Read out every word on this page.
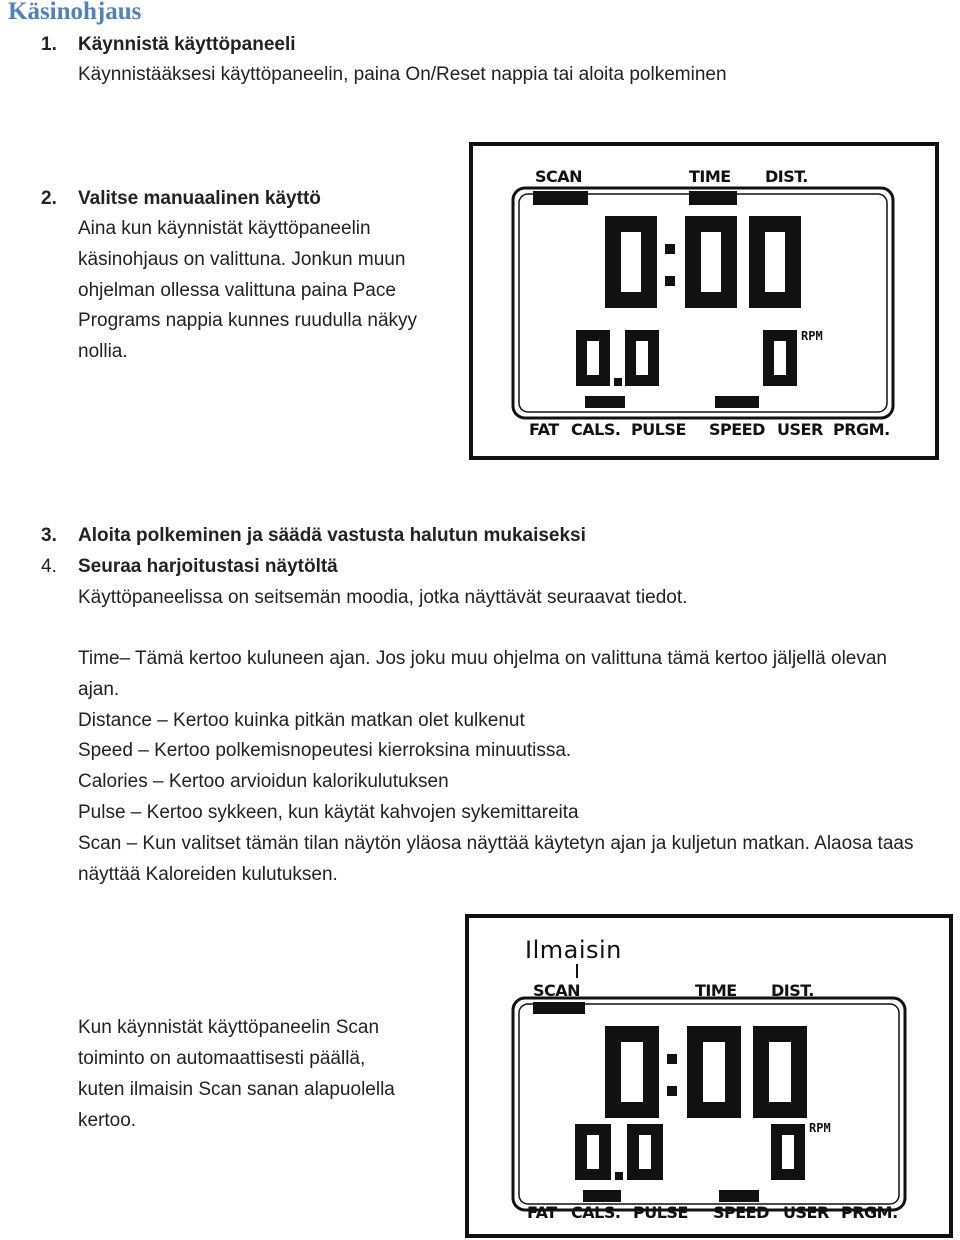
Käsinohjaus
1. Käynnistä käyttöpaneeli
Käynnistääksesi käyttöpaneelin, paina On/Reset nappia tai aloita polkeminen
2. Valitse manuaalinen käyttö
Aina kun käynnistät käyttöpaneelin
käsinohjaus on valittuna. Jonkun muun
ohjelman ollessa valittuna paina Pace
Programs nappia kunnes ruudulla näkyy
nollia.
SCAN	TIME DIST.
RPM
FAT CALS. PULSE SPEED USER PRGM.
3. Aloita polkeminen ja säädä vastusta halutun mukaiseksi
4. Seuraa harjoitustasi näytöltä
Käyttöpaneelissa on seitsemän moodia, jotka näyttävät seuraavat tiedot.
Time– Tämä kertoo kuluneen ajan. Jos joku muu ohjelma on valittuna tämä kertoo jäljellä olevan
ajan.
Distance – Kertoo kuinka pitkän matkan olet kulkenut
Speed – Kertoo polkemisnopeutesi kierroksina minuutissa.
Calories – Kertoo arvioidun kalorikulutuksen
Pulse – Kertoo sykkeen, kun käytät kahvojen sykemittareita
Scan – Kun valitset tämän tilan näytön yläosa näyttää käytetyn ajan ja kuljetun matkan. Alaosa taas
näyttää Kaloreiden kulutuksen.
Kun käynnistät käyttöpaneelin Scan
toiminto on automaattisesti päällä,
kuten ilmaisin Scan sanan alapuolella
kertoo.
Ilmaisin
SCAN	TIME DIST.
RPM
FAT CALS. PULSE SPEED USER PRGM.
